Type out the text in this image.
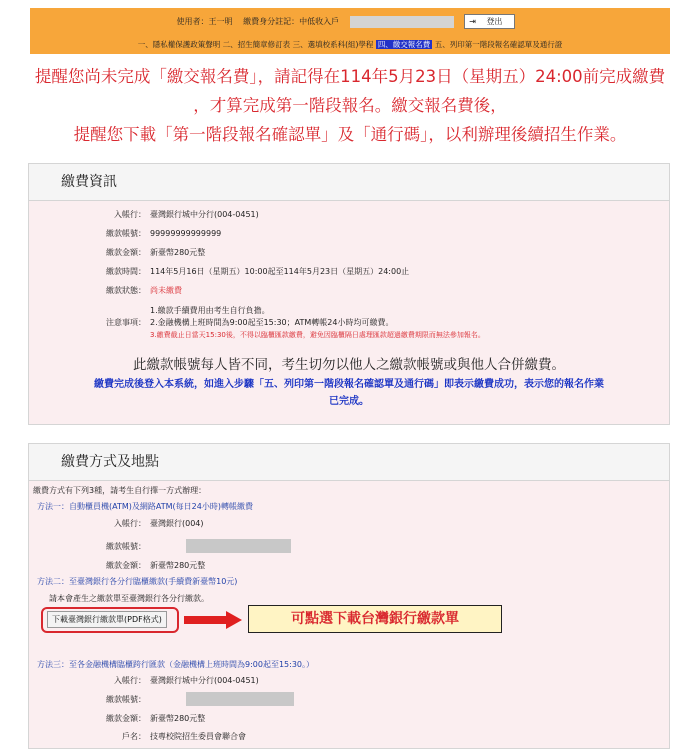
使用者：王一明 繳費身分註記：中低收入戶	⇥ 登出
一、隱私權保護政策聲明 二、招生簡章修訂表 三、選填校系科(組)學程 四、繳交報名費 五、列印第一階段報名確認單及通行證
提醒您尚未完成「繳交報名費」，請記得在114年5月23日（星期五）24:00前完成繳費
，才算完成第一階段報名。繳交報名費後，
提醒您下載「第一階段報名確認單」及「通行碼」，以利辦理後續招生作業。
繳費資訊
入帳行： 臺灣銀行城中分行(004-0451)
繳款帳號： 99999999999999
繳款金額： 新臺幣280元整
繳款時間： 114年5月16日（星期五）10:00起至114年5月23日（星期五）24:00止
繳款狀態： 尚未繳費
1.繳款手續費用由考生自行負擔。
注意事項： 2.金融機構上班時間為9:00起至15:30；ATM轉帳24小時均可繳費。
3.繳費截止日當天15:30後，不得以臨櫃匯款繳費，避免因臨櫃隔日處理匯款超過繳費期限而無法參加報名。
此繳款帳號每人皆不同，考生切勿以他人之繳款帳號或與他人合併繳費。
繳費完成後登入本系統，如進入步驟「五、列印第一階段報名確認單及通行碼」即表示繳費成功，表示您的報名作業
已完成。
繳費方式及地點
繳費方式有下列3種，請考生自行擇一方式辦理：
方法一：自動櫃員機(ATM)及網路ATM(每日24小時)轉帳繳費
入帳行： 臺灣銀行(004)
繳款帳號：
繳款金額： 新臺幣280元整
方法二：至臺灣銀行各分行臨櫃繳款(手續費新臺幣10元)
請本會產生之繳款單至臺灣銀行各分行繳款。
下載臺灣銀行繳款單(PDF格式)	可點選下載台灣銀行繳款單
方法三：至各金融機構臨櫃跨行匯款（金融機構上班時間為9:00起至15:30。）
入帳行： 臺灣銀行城中分行(004-0451)
繳款帳號：
繳款金額： 新臺幣280元整
戶名： 技專校院招生委員會聯合會
